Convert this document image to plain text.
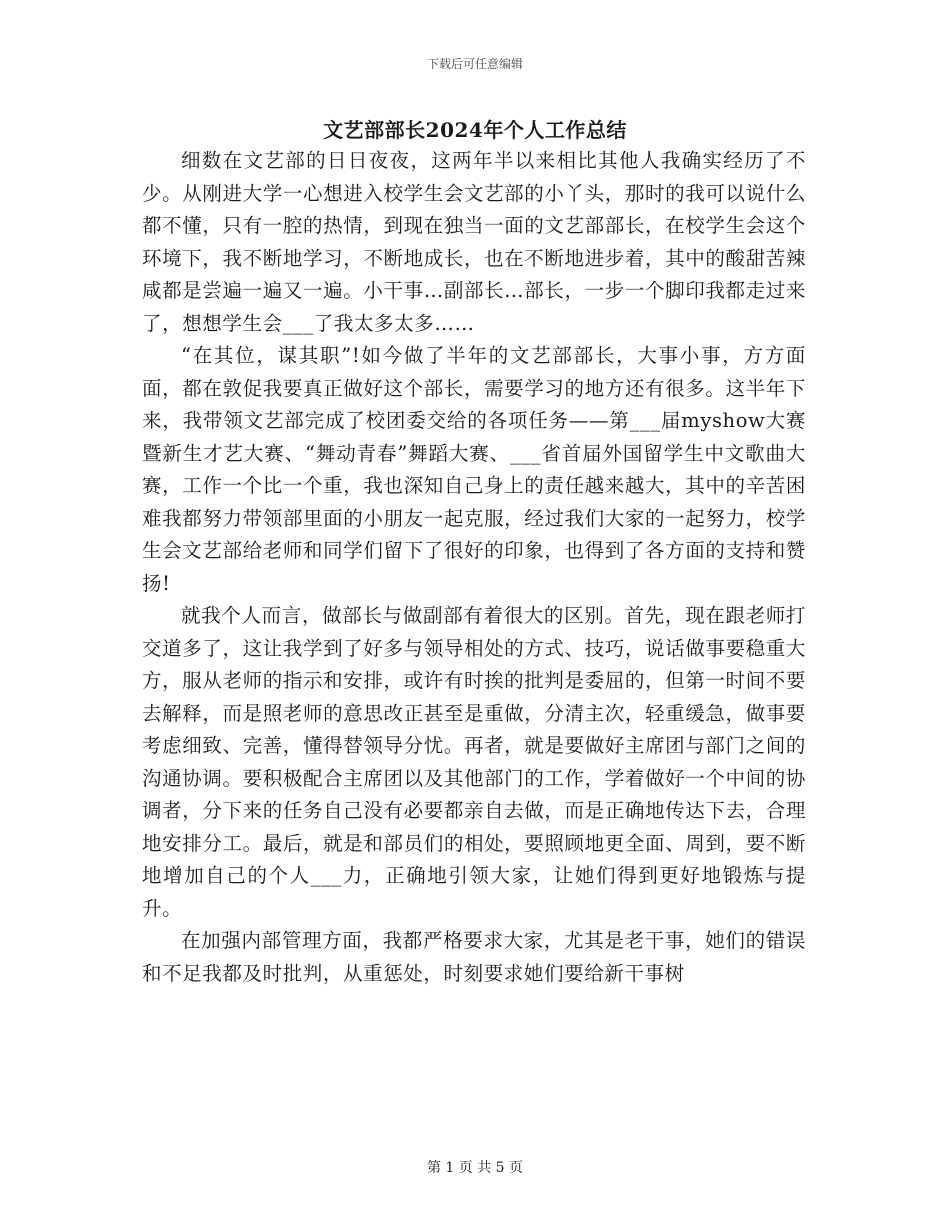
下载后可任意编辑
文艺部部长2024年个人工作总结

细数在文艺部的日日夜夜，这两年半以来相比其他人我确实经历了不少。从刚进大学一心想进入校学生会文艺部的小丫头，那时的我可以说什么都不懂，只有一腔的热情，到现在独当一面的文艺部部长，在校学生会这个环境下，我不断地学习，不断地成长，也在不断地进步着，其中的酸甜苦辣咸都是尝遍一遍又一遍。小干事…副部长…部长，一步一个脚印我都走过来了，想想学生会___了我太多太多……

“在其位，谋其职”!如今做了半年的文艺部部长，大事小事，方方面面，都在敦促我要真正做好这个部长，需要学习的地方还有很多。这半年下来，我带领文艺部完成了校团委交给的各项任务——第___届myshow大赛暨新生才艺大赛、“舞动青春”舞蹈大赛、___省首届外国留学生中文歌曲大赛，工作一个比一个重，我也深知自己身上的责任越来越大，其中的辛苦困难我都努力带领部里面的小朋友一起克服，经过我们大家的一起努力，校学生会文艺部给老师和同学们留下了很好的印象，也得到了各方面的支持和赞扬!

就我个人而言，做部长与做副部有着很大的区别。首先，现在跟老师打交道多了，这让我学到了好多与领导相处的方式、技巧，说话做事要稳重大方，服从老师的指示和安排，或许有时挨的批判是委屈的，但第一时间不要去解释，而是照老师的意思改正甚至是重做，分清主次，轻重缓急，做事要考虑细致、完善，懂得替领导分忧。再者，就是要做好主席团与部门之间的沟通协调。要积极配合主席团以及其他部门的工作，学着做好一个中间的协调者，分下来的任务自己没有必要都亲自去做，而是正确地传达下去，合理地安排分工。最后，就是和部员们的相处，要照顾地更全面、周到，要不断地增加自己的个人___力，正确地引领大家，让她们得到更好地锻炼与提升。

在加强内部管理方面，我都严格要求大家，尤其是老干事，她们的错误和不足我都及时批判，从重惩处，时刻要求她们要给新干事树

第 1 页 共 5 页
